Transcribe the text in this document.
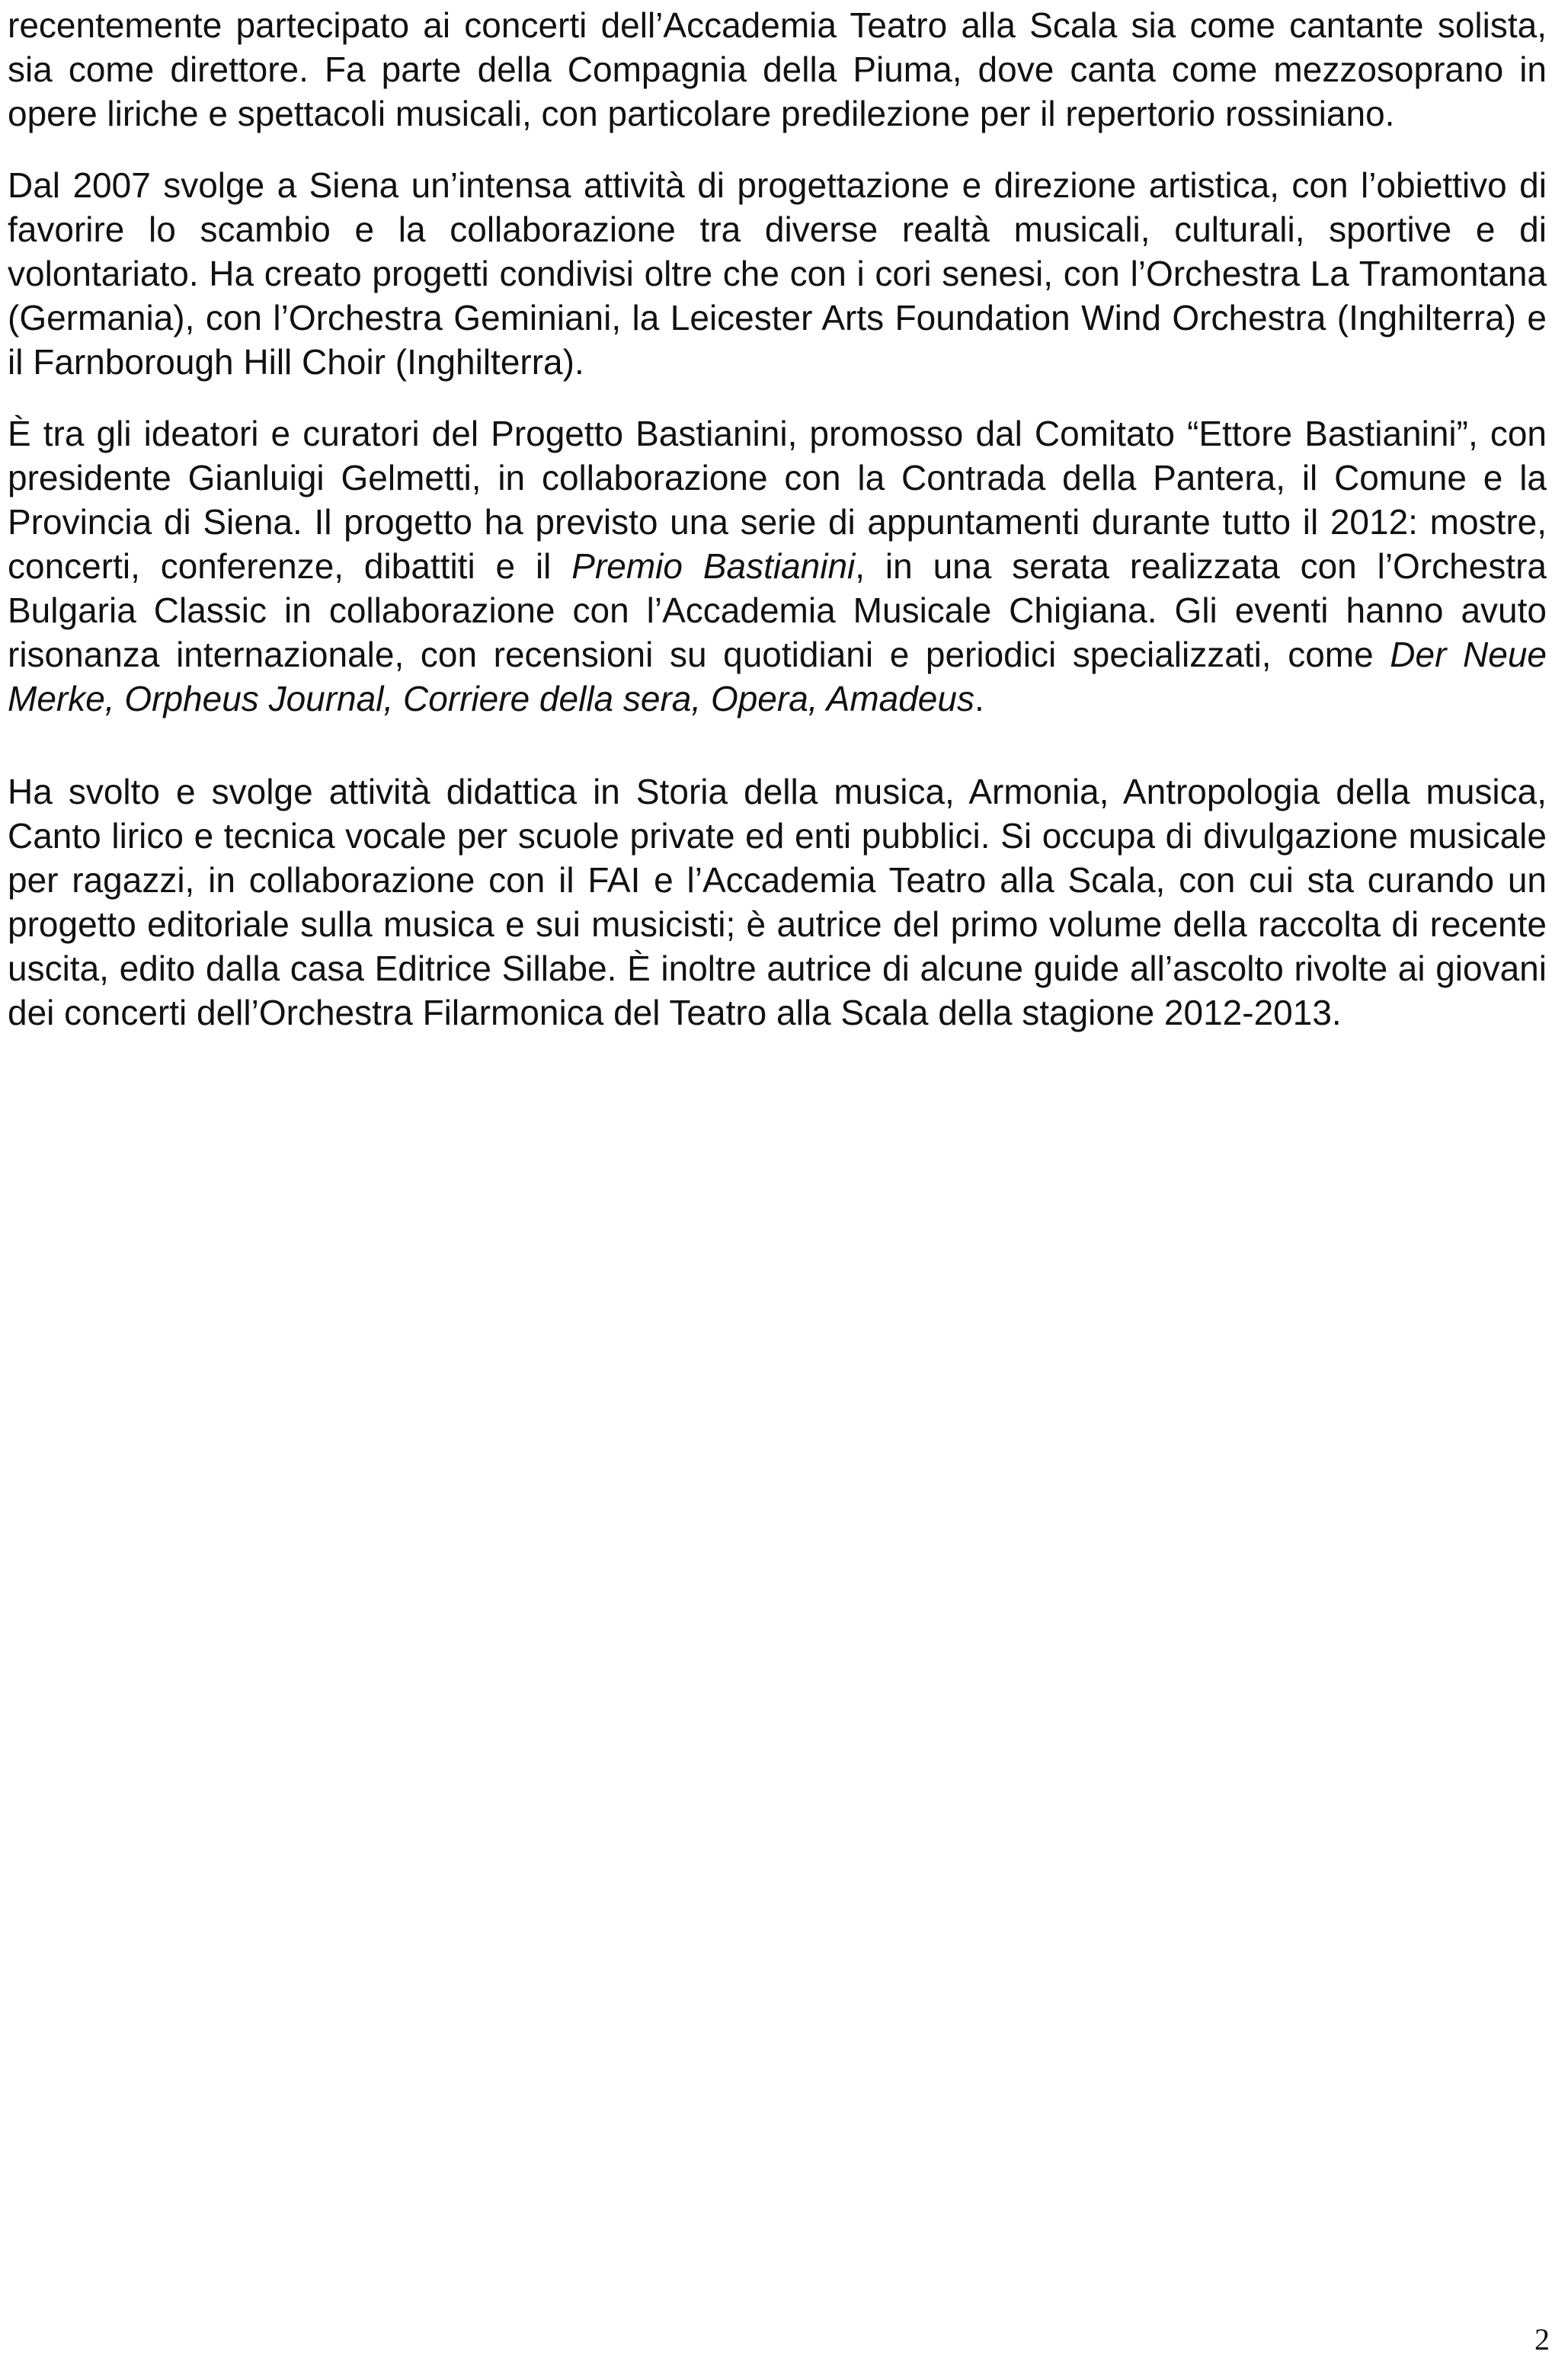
recentemente partecipato ai concerti dell’Accademia Teatro alla Scala sia come cantante solista, sia come direttore. Fa parte della Compagnia della Piuma, dove canta come mezzosoprano in opere liriche e spettacoli musicali, con particolare predilezione per il repertorio rossiniano.

Dal 2007 svolge a Siena un’intensa attività di progettazione e direzione artistica, con l’obiettivo di favorire lo scambio e la collaborazione tra diverse realtà musicali, culturali, sportive e di volontariato. Ha creato progetti condivisi oltre che con i cori senesi, con l’Orchestra La Tramontana (Germania), con l’Orchestra Geminiani, la Leicester Arts Foundation Wind Orchestra (Inghilterra) e il Farnborough Hill Choir (Inghilterra).

È tra gli ideatori e curatori del Progetto Bastianini, promosso dal Comitato “Ettore Bastianini”, con presidente Gianluigi Gelmetti, in collaborazione con la Contrada della Pantera, il Comune e la Provincia di Siena. Il progetto ha previsto una serie di appuntamenti durante tutto il 2012: mostre, concerti, conferenze, dibattiti e il Premio Bastianini, in una serata realizzata con l’Orchestra Bulgaria Classic in collaborazione con l’Accademia Musicale Chigiana. Gli eventi hanno avuto risonanza internazionale, con recensioni su quotidiani e periodici specializzati, come Der Neue Merke, Orpheus Journal, Corriere della sera, Opera, Amadeus.

Ha svolto e svolge attività didattica in Storia della musica, Armonia, Antropologia della musica, Canto lirico e tecnica vocale per scuole private ed enti pubblici. Si occupa di divulgazione musicale per ragazzi, in collaborazione con il FAI e l’Accademia Teatro alla Scala, con cui sta curando un progetto editoriale sulla musica e sui musicisti; è autrice del primo volume della raccolta di recente uscita, edito dalla casa Editrice Sillabe. È inoltre autrice di alcune guide all’ascolto rivolte ai giovani dei concerti dell’Orchestra Filarmonica del Teatro alla Scala della stagione 2012-2013.

2
